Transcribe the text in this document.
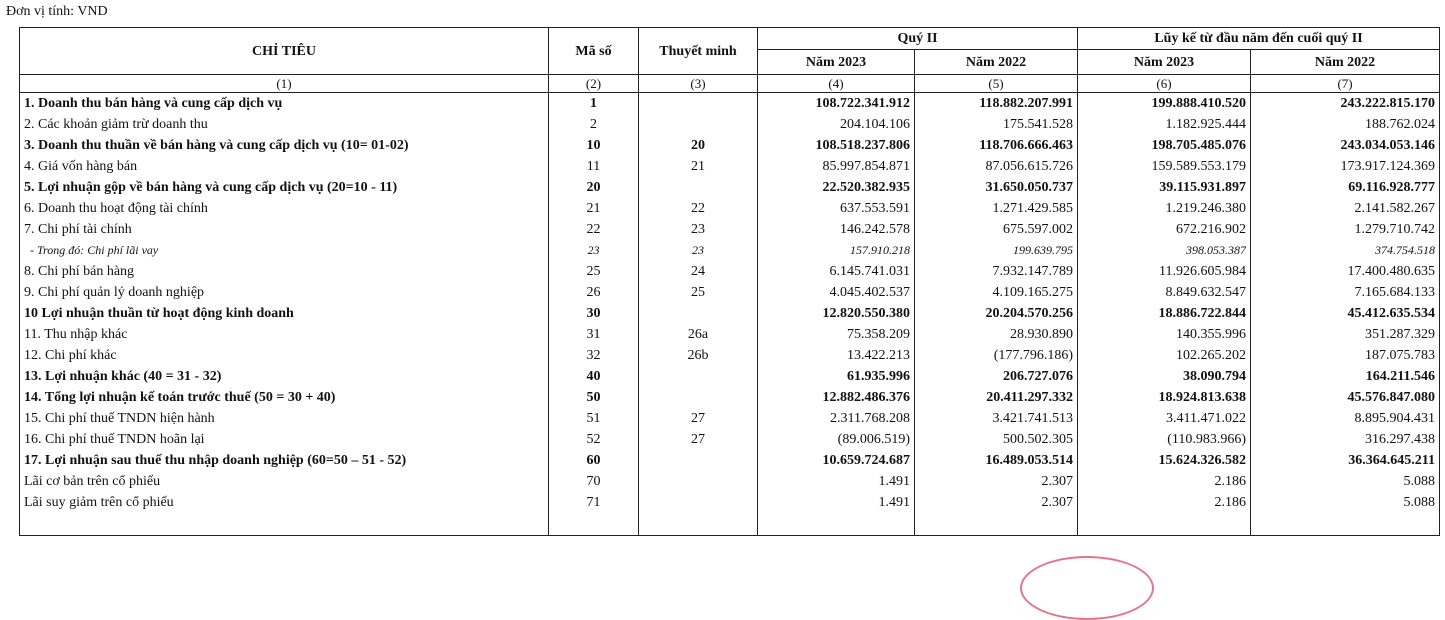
Đơn vị tính: VND
CHỈ TIÊU	Mã số	Thuyết minh	Quý II		Lũy kế từ đầu năm đến cuối quý II	
			Năm 2023	Năm 2022	Năm 2023	Năm 2022
(1)	(2)	(3)	(4)	(5)	(6)	(7)
1. Doanh thu bán hàng và cung cấp dịch vụ	1		108.722.341.912	118.882.207.991	199.888.410.520	243.222.815.170
2. Các khoản giảm trừ doanh thu	2		204.104.106	175.541.528	1.182.925.444	188.762.024
3. Doanh thu thuần về bán hàng và cung cấp dịch vụ (10= 01-02)	10	20	108.518.237.806	118.706.666.463	198.705.485.076	243.034.053.146
4. Giá vốn hàng bán	11	21	85.997.854.871	87.056.615.726	159.589.553.179	173.917.124.369
5. Lợi nhuận gộp về bán hàng và cung cấp dịch vụ (20=10 - 11)	20		22.520.382.935	31.650.050.737	39.115.931.897	69.116.928.777
6. Doanh thu hoạt động tài chính	21	22	637.553.591	1.271.429.585	1.219.246.380	2.141.582.267
7. Chi phí tài chính	22	23	146.242.578	675.597.002	672.216.902	1.279.710.742
- Trong đó: Chi phí lãi vay	23	23	157.910.218	199.639.795	398.053.387	374.754.518
8. Chi phí bán hàng	25	24	6.145.741.031	7.932.147.789	11.926.605.984	17.400.480.635
9. Chi phí quản lý doanh nghiệp	26	25	4.045.402.537	4.109.165.275	8.849.632.547	7.165.684.133
10 Lợi nhuận thuần từ hoạt động kinh doanh	30		12.820.550.380	20.204.570.256	18.886.722.844	45.412.635.534
11. Thu nhập khác	31	26a	75.358.209	28.930.890	140.355.996	351.287.329
12. Chi phí khác	32	26b	13.422.213	(177.796.186)	102.265.202	187.075.783
13. Lợi nhuận khác (40 = 31 - 32)	40		61.935.996	206.727.076	38.090.794	164.211.546
14. Tổng lợi nhuận kế toán trước thuế (50 = 30 + 40)	50		12.882.486.376	20.411.297.332	18.924.813.638	45.576.847.080
15. Chi phí thuế TNDN hiện hành	51	27	2.311.768.208	3.421.741.513	3.411.471.022	8.895.904.431
16. Chi phí thuế TNDN hoãn lại	52	27	(89.006.519)	500.502.305	(110.983.966)	316.297.438
17. Lợi nhuận sau thuế thu nhập doanh nghiệp (60=50 – 51 - 52)	60		10.659.724.687	16.489.053.514	15.624.326.582	36.364.645.211
Lãi cơ bản trên cổ phiếu	70		1.491	2.307	2.186	5.088
Lãi suy giảm trên cổ phiếu	71		1.491	2.307	2.186	5.088
